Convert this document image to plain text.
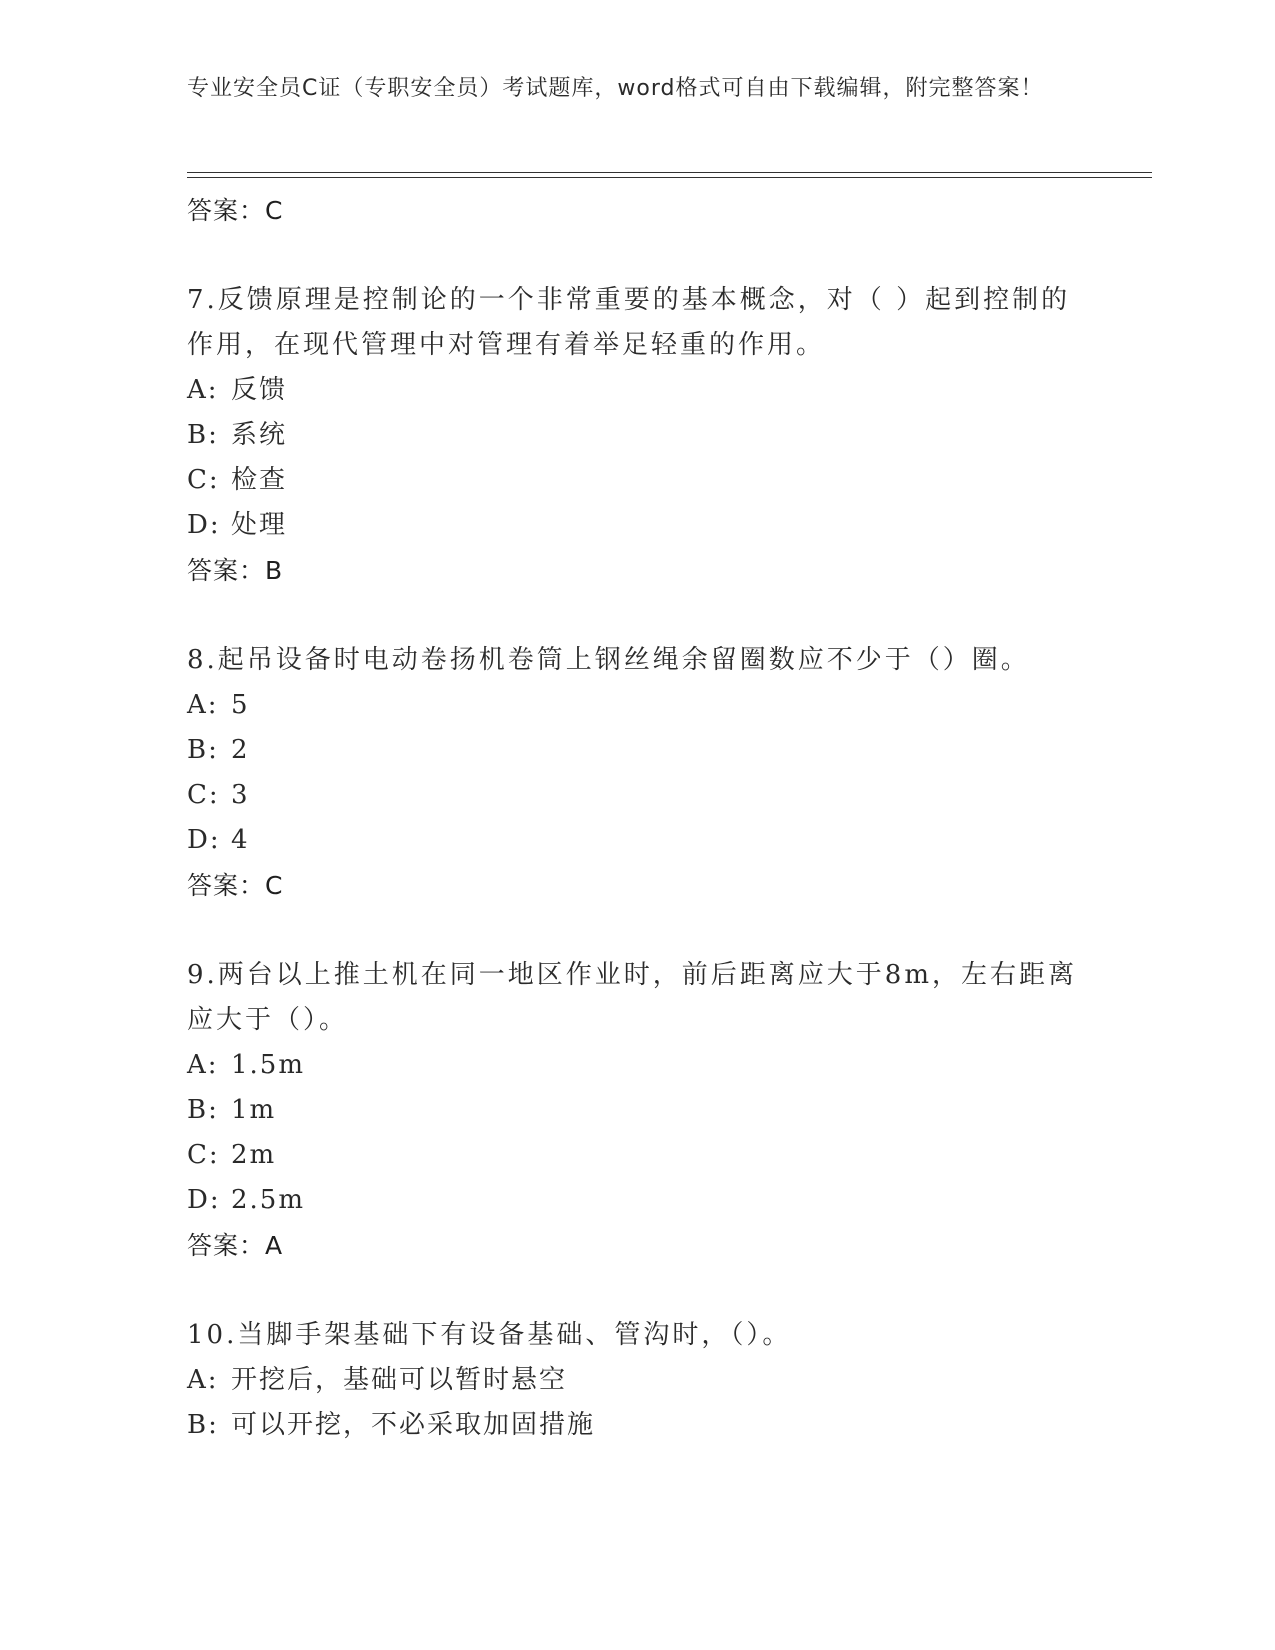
专业安全员C证（专职安全员）考试题库，word格式可自由下载编辑，附完整答案！
答案：C
7.反馈原理是控制论的一个非常重要的基本概念，对（ ）起到控制的作用，在现代管理中对管理有着举足轻重的作用。
A: 反馈
B: 系统
C: 检查
D: 处理
答案：B
8.起吊设备时电动卷扬机卷筒上钢丝绳余留圈数应不少于（）圈。
A: 5
B: 2
C: 3
D: 4
答案：C
9.两台以上推土机在同一地区作业时，前后距离应大于8m，左右距离应大于（）。
A: 1.5m
B: 1m
C: 2m
D: 2.5m
答案：A
10.当脚手架基础下有设备基础、管沟时，（）。
A: 开挖后，基础可以暂时悬空
B: 可以开挖，不必采取加固措施
